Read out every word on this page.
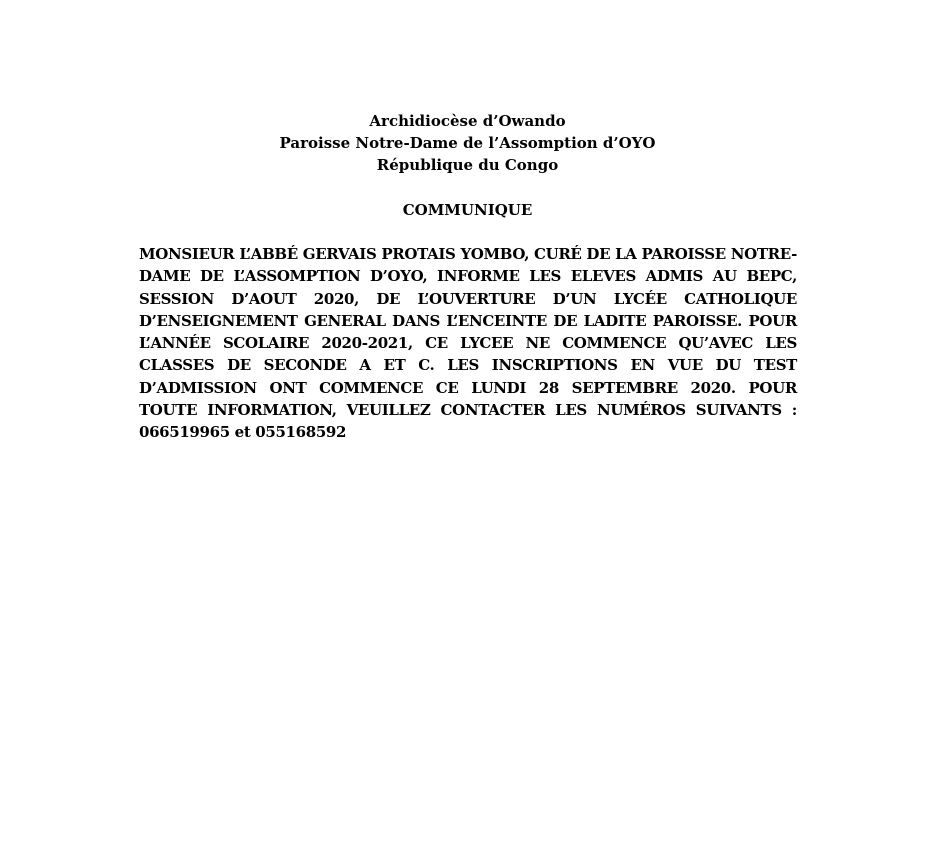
Archidiocèse d’Owando
Paroisse Notre-Dame de l’Assomption d’OYO
République du Congo
COMMUNIQUE
MONSIEUR L’ABBÉ GERVAIS PROTAIS YOMBO, CURÉ DE LA PAROISSE NOTRE-DAME DE L’ASSOMPTION D’OYO, INFORME LES ELEVES ADMIS AU BEPC, SESSION D’AOUT 2020, DE L’OUVERTURE D’UN LYCÉE CATHOLIQUE D’ENSEIGNEMENT GENERAL DANS L’ENCEINTE DE LADITE PAROISSE. POUR L’ANNÉE SCOLAIRE 2020-2021, CE LYCEE NE COMMENCE QU’AVEC LES CLASSES DE SECONDE A ET C. LES INSCRIPTIONS EN VUE DU TEST D’ADMISSION ONT COMMENCE CE LUNDI 28 SEPTEMBRE 2020. POUR TOUTE INFORMATION, VEUILLEZ CONTACTER LES NUMÉROS SUIVANTS : 066519965 et 055168592
